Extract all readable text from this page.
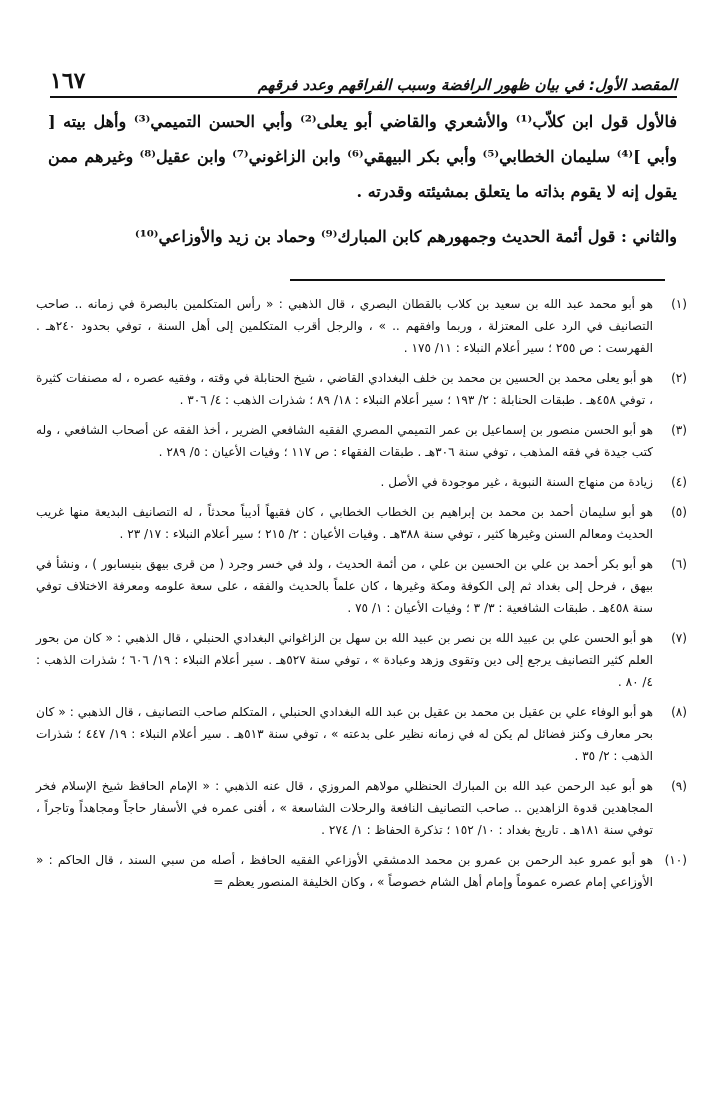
المقصد الأول: في بيان ظهور الرافضة وسبب الفراقهم وعدد فرقهم
١٦٧

فالأول قول ابن كلاّب⁽¹⁾ والأشعري والقاضي أبو يعلى⁽²⁾ وأبي الحسن التميمي⁽³⁾ وأهل بيته [ وأبي ]⁽⁴⁾ سليمان الخطابي⁽⁵⁾ وأبي بكر البيهقي⁽⁶⁾ وابن الزاغوني⁽⁷⁾ وابن عقيل⁽⁸⁾ وغيرهم ممن يقول إنه لا يقوم بذاته ما يتعلق بمشيئته وقدرته .

والثاني : قول أئمة الحديث وجمهورهم كابن المبارك⁽⁹⁾ وحماد بن زيد والأوزاعي⁽¹⁰⁾

(١)
هو أبو محمد عبد الله بن سعيد بن كلاب بالقطان البصري ، قال الذهبي : « رأس المتكلمين بالبصرة في زمانه .. صاحب التصانيف في الرد على المعتزلة ، وربما وافقهم .. » ، والرجل أقرب المتكلمين إلى أهل السنة ، توفي بحدود ٢٤٠هـ . الفهرست : ص ٢٥٥ ؛ سير أعلام النبلاء : ١١/ ١٧٥ .
(٢)
هو أبو يعلى محمد بن الحسين بن محمد بن خلف البغدادي القاضي ، شيخ الحنابلة في وقته ، وفقيه عصره ، له مصنفات كثيرة ، توفي ٤٥٨هـ . طبقات الحنابلة : ٢/ ١٩٣ ؛ سير أعلام النبلاء : ١٨/ ٨٩ ؛ شذرات الذهب : ٤/ ٣٠٦ .
(٣)
هو أبو الحسن منصور بن إسماعيل بن عمر التميمي المصري الفقيه الشافعي الضرير ، أخذ الفقه عن أصحاب الشافعي ، وله كتب جيدة في فقه المذهب ، توفي سنة ٣٠٦هـ . طبقات الفقهاء : ص ١١٧ ؛ وفيات الأعيان : ٥/ ٢٨٩ .
(٤)
زيادة من منهاج السنة النبوية ، غير موجودة في الأصل .
(٥)
هو أبو سليمان أحمد بن محمد بن إبراهيم بن الخطاب الخطابي ، كان فقيهاً أديباً محدثاً ، له التصانيف البديعة منها غريب الحديث ومعالم السنن وغيرها كثير ، توفي سنة ٣٨٨هـ . وفيات الأعيان : ٢/ ٢١٥ ؛ سير أعلام النبلاء : ١٧/ ٢٣ .
(٦)
هو أبو بكر أحمد بن علي بن الحسين بن علي ، من أئمة الحديث ، ولد في خسر وجرد ( من قرى بيهق بنيسابور ) ، ونشأ في بيهق ، فرحل إلى بغداد ثم إلى الكوفة ومكة وغيرها ، كان علماً بالحديث والفقه ، على سعة علومه ومعرفة الاختلاف توفي سنة ٤٥٨هـ . طبقات الشافعية : ٣/ ٣ ؛ وفيات الأعيان : ١/ ٧٥ .
(٧)
هو أبو الحسن علي بن عبيد الله بن نصر بن عبيد الله بن سهل بن الزاغواني البغدادي الحنبلي ، قال الذهبي : « كان من بحور العلم كثير التصانيف يرجع إلى دين وتقوى وزهد وعبادة » ، توفي سنة ٥٢٧هـ . سير أعلام النبلاء : ١٩/ ٦٠٦ ؛ شذرات الذهب : ٤/ ٨٠ .
(٨)
هو أبو الوفاء علي بن عقيل بن محمد بن عقيل بن عبد الله البغدادي الحنبلي ، المتكلم صاحب التصانيف ، قال الذهبي : « كان بحر معارف وكنز فضائل لم يكن له في زمانه نظير على بدعته » ، توفي سنة ٥١٣هـ . سير أعلام النبلاء : ١٩/ ٤٤٧ ؛ شذرات الذهب : ٢/ ٣٥ .
(٩)
هو أبو عبد الرحمن عبد الله بن المبارك الحنظلي مولاهم المروزي ، قال عنه الذهبي : « الإمام الحافظ شيخ الإسلام فخر المجاهدين قدوة الزاهدين .. صاحب التصانيف النافعة والرحلات الشاسعة » ، أفنى عمره في الأسفار حاجاً ومجاهداً وتاجراً ، توفي سنة ١٨١هـ . تاريخ بغداد : ١٠/ ١٥٢ ؛ تذكرة الحفاظ : ١/ ٢٧٤ .
(١٠)
هو أبو عمرو عبد الرحمن بن عمرو بن محمد الدمشقي الأوزاعي الفقيه الحافظ ، أصله من سبي السند ، قال الحاكم : « الأوزاعي إمام عصره عموماً وإمام أهل الشام خصوصاً » ، وكان الخليفة المنصور يعظم =
